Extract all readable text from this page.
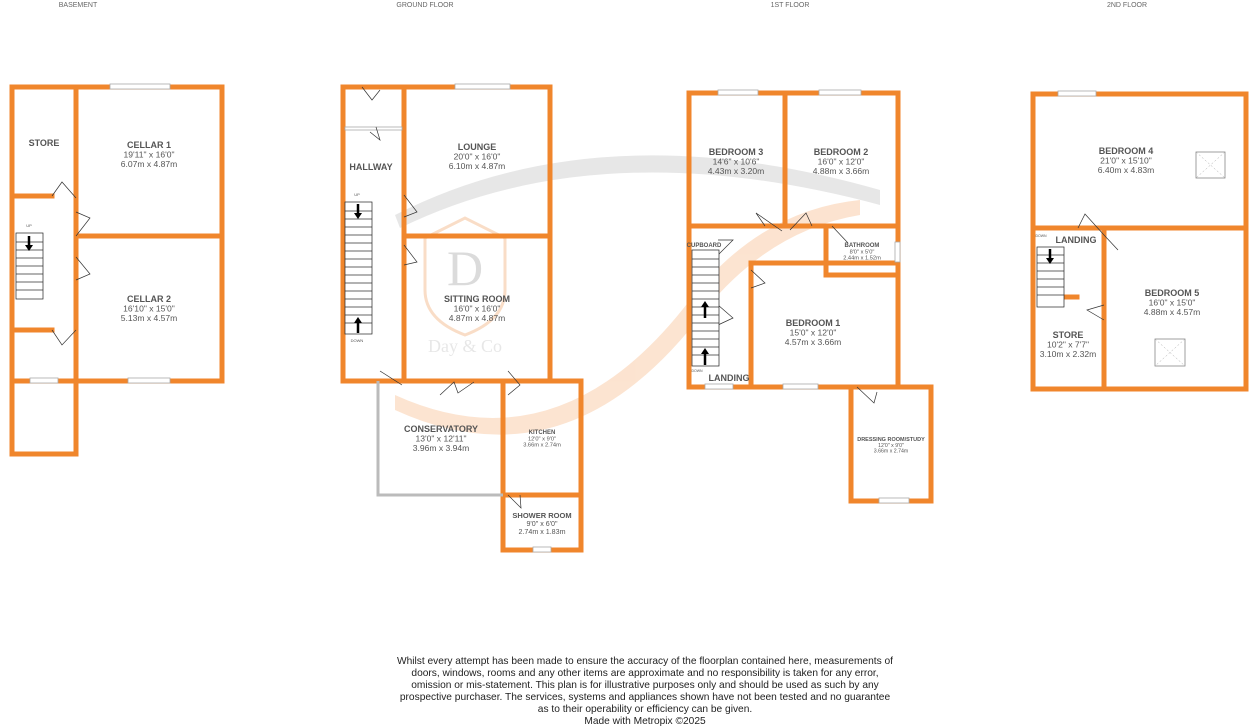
D
Day & Co
BASEMENT	GROUND FLOOR	1ST FLOOR	2ND FLOOR
UP
UP
DOWN
DOWN
DOWN
STORE	CELLAR 1
19'11" x 16'0"
6.07m x 4.87m
CELLAR 2
16'10" x 15'0"
5.13m x 4.57m
HALLWAY
LOUNGE
20'0" x 16'0"
6.10m x 4.87m
SITTING ROOM
16'0" x 16'0"
4.87m x 4.87m
CONSERVATORY
13'0" x 12'11"
3.96m x 3.94m
KITCHEN
12'0" x 9'0"
3.66m x 2.74m
SHOWER ROOM
9'0" x 6'0"
2.74m x 1.83m
BEDROOM 3
14'6" x 10'6"
4.43m x 3.20m
BEDROOM 2
16'0" x 12'0"
4.88m x 3.66m
CUPBOARD	BATHROOM
8'0" x 5'0"
2.44m x 1.52m
BEDROOM 1
15'0" x 12'0"
4.57m x 3.66m
LANDING
DRESSING ROOM/STUDY
12'0" x 9'0"
3.66m x 2.74m
BEDROOM 4
21'0" x 15'10"
6.40m x 4.83m
LANDING
BEDROOM 5
16'0" x 15'0"
4.88m x 4.57m
STORE
10'2" x 7'7"
3.10m x 2.32m
Whilst every attempt has been made to ensure the accuracy of the floorplan contained here, measurements of doors, windows, rooms and any other items are approximate and no responsibility is taken for any error, omission or mis-statement. This plan is for illustrative purposes only and should be used as such by any prospective purchaser. The services, systems and appliances shown have not been tested and no guarantee as to their operability or efficiency can be given.
Made with Metropix ©2025
